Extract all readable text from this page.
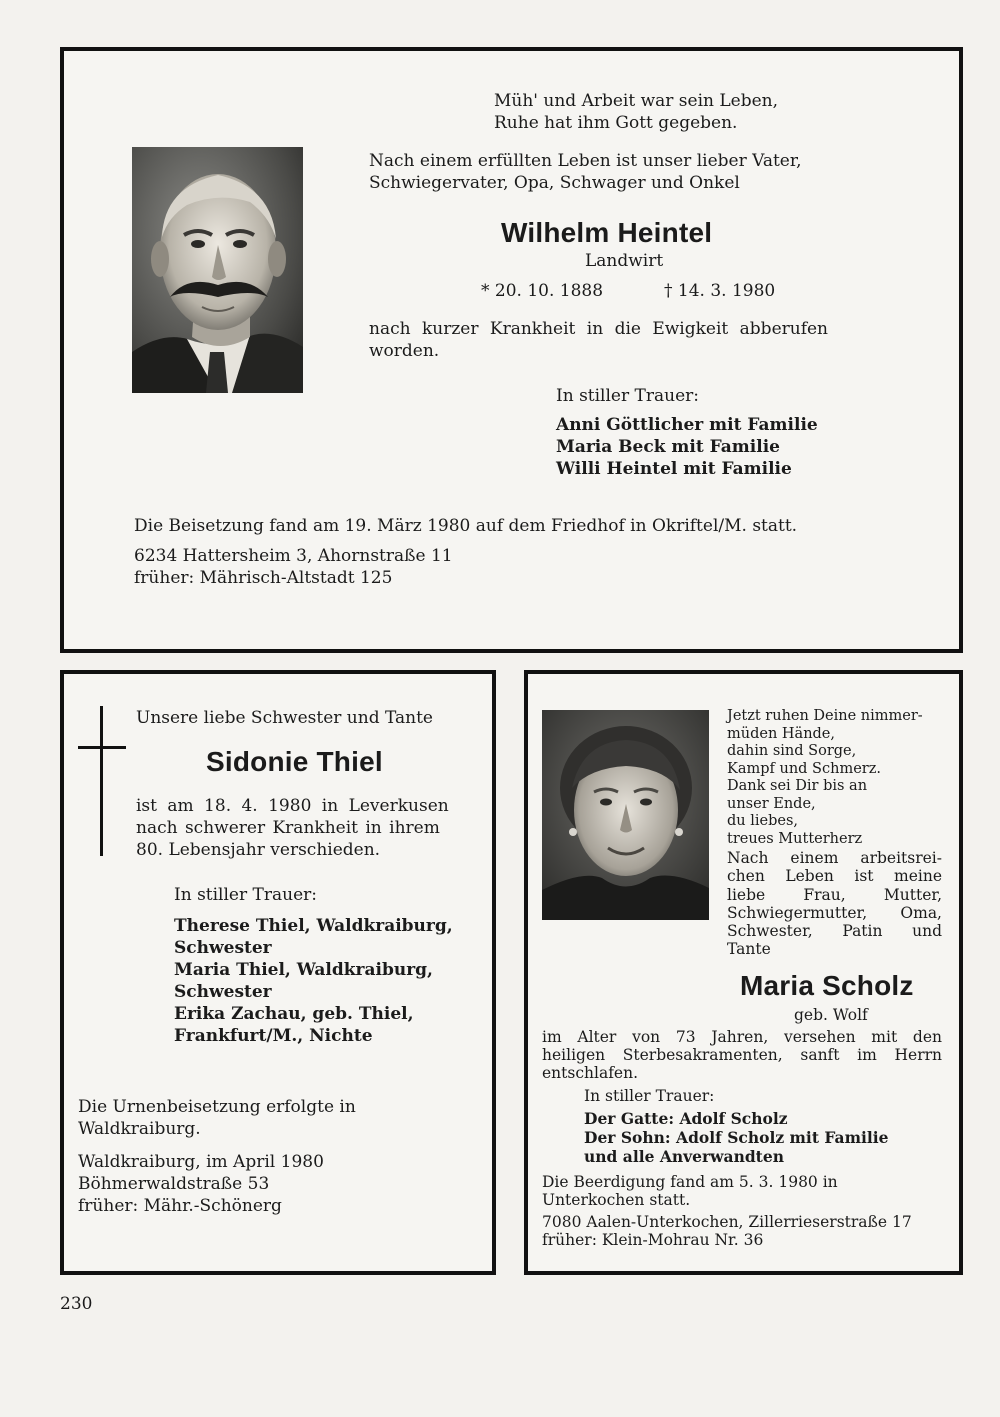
Müh' und Arbeit war sein Leben,

Ruhe hat ihm Gott gegeben.

Nach einem erfüllten Leben ist unser lieber Vater,

Schwiegervater, Opa, Schwager und Onkel

Wilhelm Heintel

Landwirt

* 20. 10. 1888	† 14. 3. 1980

nach kurzer Krankheit in die Ewigkeit abberufen

worden.

In stiller Trauer:

Anni Göttlicher mit Familie

Maria Beck mit Familie

Willi Heintel mit Familie

Die Beisetzung fand am 19. März 1980 auf dem Friedhof in Okriftel/M. statt.

6234 Hattersheim 3, Ahornstraße 11

früher: Mährisch-Altstadt 125

Unsere liebe Schwester und Tante

Sidonie Thiel

ist am 18. 4. 1980 in Leverkusen

nach schwerer Krankheit in ihrem

80. Lebensjahr verschieden.

In stiller Trauer:

Therese Thiel, Waldkraiburg,

Schwester

Maria Thiel, Waldkraiburg,

Schwester

Erika Zachau, geb. Thiel,

Frankfurt/M., Nichte

Die Urnenbeisetzung erfolgte in

Waldkraiburg.

Waldkraiburg, im April 1980

Böhmerwaldstraße 53

früher: Mähr.-Schönerg

Jetzt ruhen Deine nimmer-

müden Hände,

dahin sind Sorge,

Kampf und Schmerz.

Dank sei Dir bis an

unser Ende,

du liebes,

treues Mutterherz

Nach einem arbeitsrei-

chen Leben ist meine

liebe Frau, Mutter,

Schwiegermutter, Oma,

Schwester, Patin und

Tante

Maria Scholz

geb. Wolf

im Alter von 73 Jahren, versehen mit den

heiligen Sterbesakramenten, sanft im Herrn

entschlafen.

In stiller Trauer:

Der Gatte: Adolf Scholz

Der Sohn: Adolf Scholz mit Familie

und alle Anverwandten

Die Beerdigung fand am 5. 3. 1980 in

Unterkochen statt.

7080 Aalen-Unterkochen, Zillerrieserstraße 17

früher: Klein-Mohrau Nr. 36

230
